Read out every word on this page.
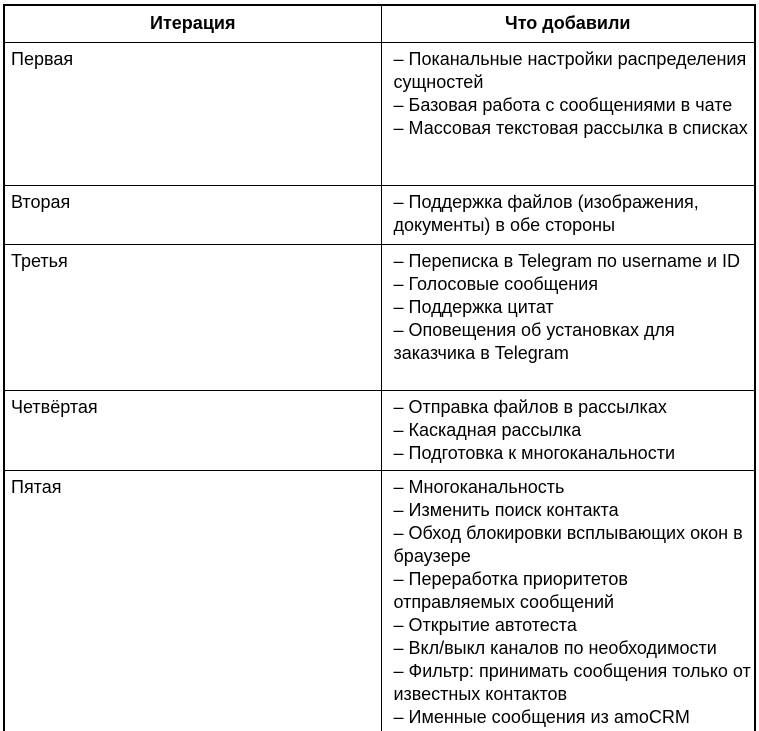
Итерация	Что добавили
Первая	– Поканальные настройки распределения сущностей
– Базовая работа с сообщениями в чате
– Массовая текстовая рассылка в списках

Вторая	– Поддержка файлов (изображения, документы) в обе стороны

Третья	– Переписка в Telegram по username и ID
– Голосовые сообщения
– Поддержка цитат
– Оповещения об установках для заказчика в Telegram

Четвёртая	– Отправка файлов в рассылках
– Каскадная рассылка
– Подготовка к многоканальности

Пятая	– Многоканальность
– Изменить поиск контакта
– Обход блокировки всплывающих окон в браузере
– Переработка приоритетов отправляемых сообщений
– Открытие автотеста
– Вкл/выкл каналов по необходимости
– Фильтр: принимать сообщения только от известных контактов
– Именные сообщения из amoCRM
